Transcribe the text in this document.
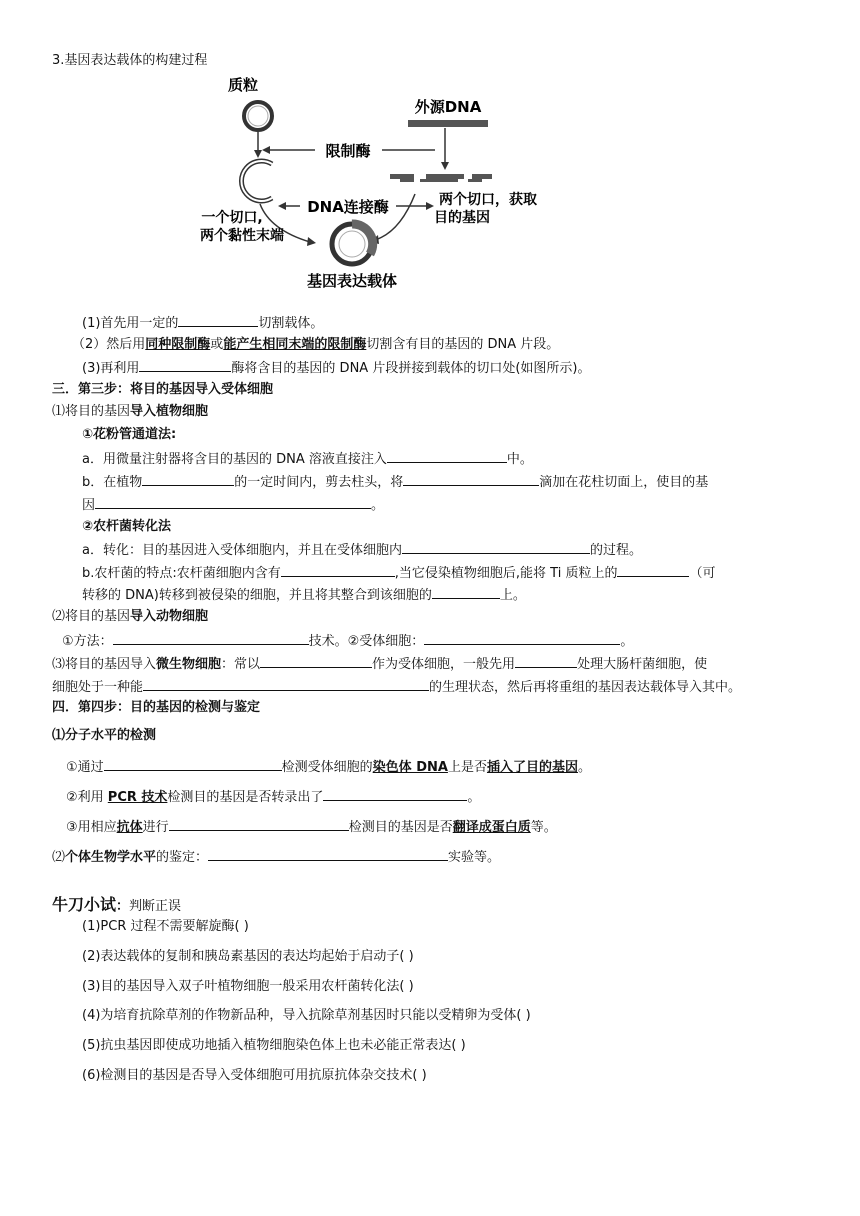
3.基因表达载体的构建过程
质粒
限制酶
外源DNA
DNA连接酶
一个切口,
两个黏性末端
两个切口，获取
目的基因
基因表达载体
(1)首先用一定的	切割载体。
（2）然后用同种限制酶或能产生相同末端的限制酶切割含有目的基因的 DNA 片段。
(3)再利用	酶将含目的基因的 DNA 片段拼接到载体的切口处(如图所示)。
三．第三步：将目的基因导入受体细胞
⑴将目的基因导入植物细胞
①花粉管通道法:
a．用微量注射器将含目的基因的 DNA 溶液直接注入	中。
b．在植物	的一定时间内，剪去柱头，将	滴加在花柱切面上，使目的基
因	。
②农杆菌转化法
a．转化：目的基因进入受体细胞内，并且在受体细胞内	的过程。
b.农杆菌的特点:农杆菌细胞内含有	,当它侵染植物细胞后,能将 Ti 质粒上的	（可
转移的 DNA)转移到被侵染的细胞，并且将其整合到该细胞的	上。
⑵将目的基因导入动物细胞
①方法：	技术。②受体细胞：	。
⑶将目的基因导入微生物细胞：常以	作为受体细胞，一般先用	处理大肠杆菌细胞，使
细胞处于一种能	的生理状态，然后再将重组的基因表达载体导入其中。
四．第四步：目的基因的检测与鉴定
⑴分子水平的检测
①通过	检测受体细胞的染色体 DNA上是否插入了目的基因。
②利用 PCR 技术检测目的基因是否转录出了	。
③用相应抗体进行	检测目的基因是否翻译成蛋白质等。
⑵个体生物学水平的鉴定：	实验等。
牛刀小试：判断正误
(1)PCR 过程不需要解旋酶( )
(2)表达载体的复制和胰岛素基因的表达均起始于启动子( )
(3)目的基因导入双子叶植物细胞一般采用农杆菌转化法( )
(4)为培育抗除草剂的作物新品种，导入抗除草剂基因时只能以受精卵为受体( )
(5)抗虫基因即使成功地插入植物细胞染色体上也未必能正常表达( )
(6)检测目的基因是否导入受体细胞可用抗原抗体杂交技术( )
